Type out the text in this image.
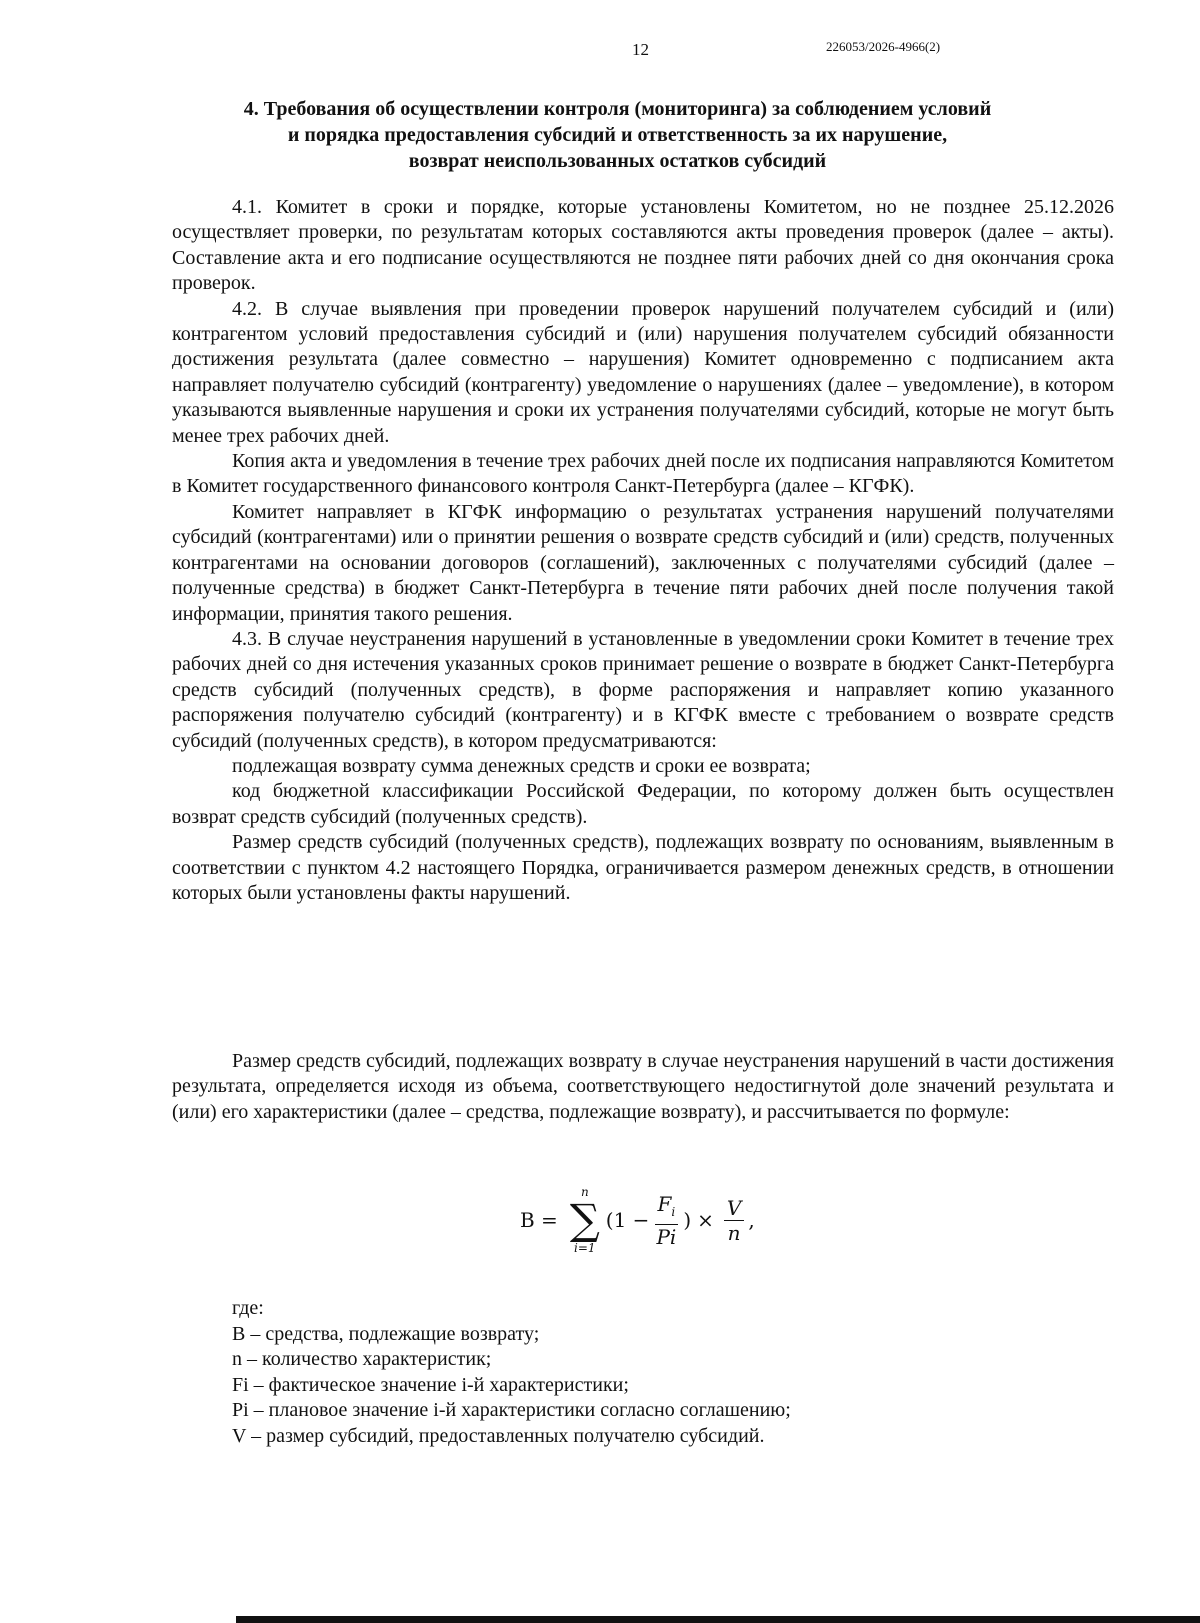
12	226053/2026-4966(2)
4. Требования об осуществлении контроля (мониторинга) за соблюдением условий
и порядка предоставления субсидий и ответственность за их нарушение,
возврат неиспользованных остатков субсидий

4.1. Комитет в сроки и порядке, которые установлены Комитетом, но не позднее 25.12.2026 осуществляет проверки, по результатам которых составляются акты проведения проверок (далее – акты). Составление акта и его подписание осуществляются не позднее пяти рабочих дней со дня окончания срока проверок.

4.2. В случае выявления при проведении проверок нарушений получателем субсидий и (или) контрагентом условий предоставления субсидий и (или) нарушения получателем субсидий обязанности достижения результата (далее совместно – нарушения) Комитет одновременно с подписанием акта направляет получателю субсидий (контрагенту) уведомление о нарушениях (далее – уведомление), в котором указываются выявленные нарушения и сроки их устранения получателями субсидий, которые не могут быть менее трех рабочих дней.

Копия акта и уведомления в течение трех рабочих дней после их подписания направляются Комитетом в Комитет государственного финансового контроля Санкт-Петербурга (далее – КГФК).

Комитет направляет в КГФК информацию о результатах устранения нарушений получателями субсидий (контрагентами) или о принятии решения о возврате средств субсидий и (или) средств, полученных контрагентами на основании договоров (соглашений), заключенных с получателями субсидий (далее – полученные средства) в бюджет Санкт-Петербурга в течение пяти рабочих дней после получения такой информации, принятия такого решения.

4.3. В случае неустранения нарушений в установленные в уведомлении сроки Комитет в течение трех рабочих дней со дня истечения указанных сроков принимает решение о возврате в бюджет Санкт-Петербурга средств субсидий (полученных средств), в форме распоряжения и направляет копию указанного распоряжения получателю субсидий (контрагенту) и в КГФК вместе с требованием о возврате средств субсидий (полученных средств), в котором предусматриваются:

подлежащая возврату сумма денежных средств и сроки ее возврата;

код бюджетной классификации Российской Федерации, по которому должен быть осуществлен возврат средств субсидий (полученных средств).

Размер средств субсидий (полученных средств), подлежащих возврату по основаниям, выявленным в соответствии с пунктом 4.2 настоящего Порядка, ограничивается размером денежных средств, в отношении которых были установлены факты нарушений.

Размер средств субсидий, подлежащих возврату в случае неустранения нарушений в части достижения результата, определяется исходя из объема, соответствующего недостигнутой доле значений результата и (или) его характеристики (далее – средства, подлежащие возврату), и рассчитывается по формуле:

В =
n
∑
i=1
($1 - \frac{F_i}{Pi}$ ) × $\frac{V}{n}$ ,
где:
В – средства, подлежащие возврату;
n – количество характеристик;
Fi – фактическое значение i-й характеристики;
Pi – плановое значение i-й характеристики согласно соглашению;
V – размер субсидий, предоставленных получателю субсидий.
